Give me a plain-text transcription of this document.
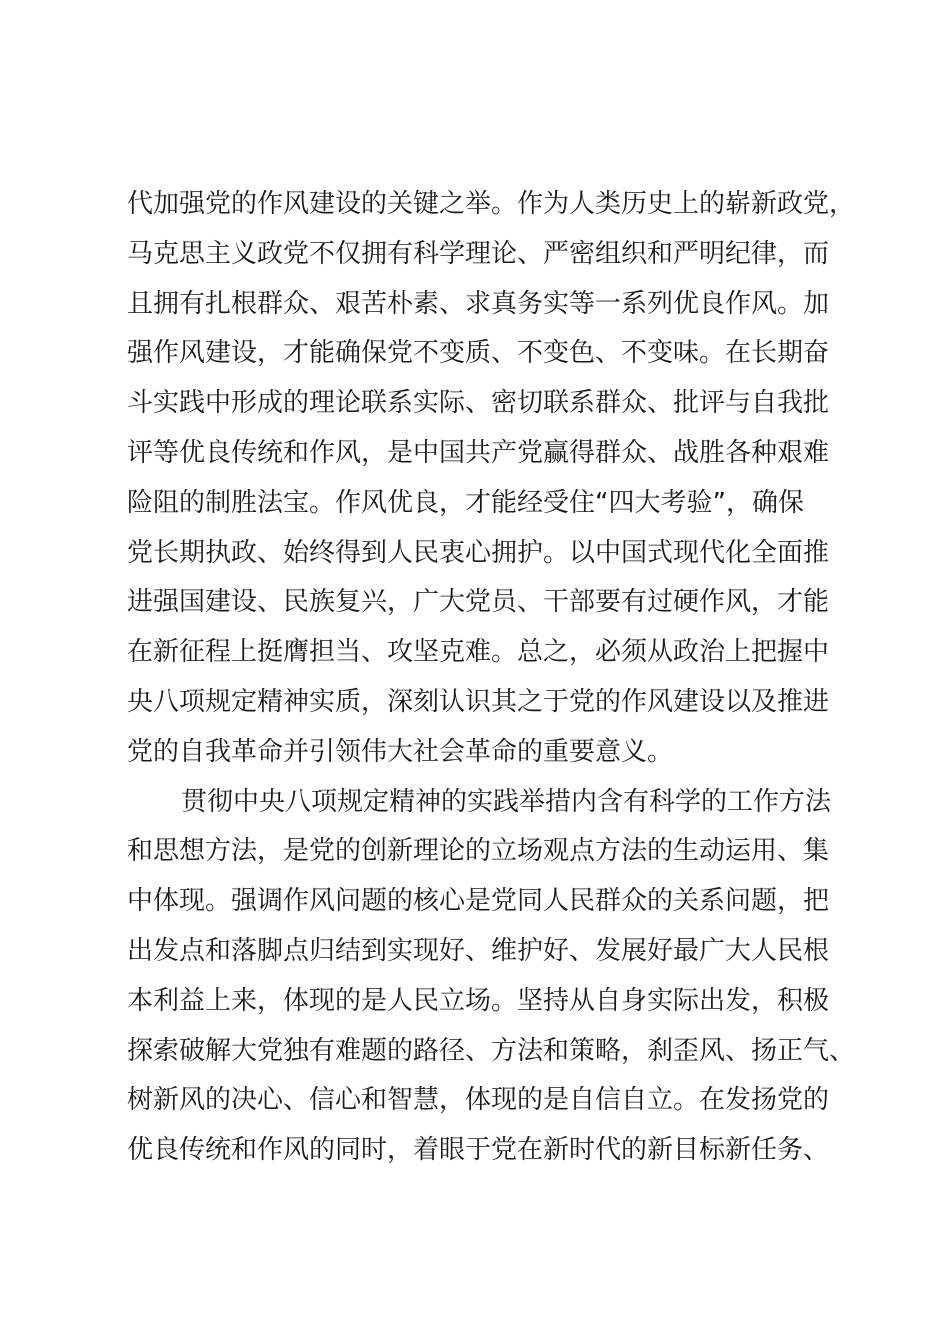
代加强党的作风建设的关键之举。作为人类历史上的崭新政党，
马克思主义政党不仅拥有科学理论、严密组织和严明纪律，而
且拥有扎根群众、艰苦朴素、求真务实等一系列优良作风。加
强作风建设，才能确保党不变质、不变色、不变味。在长期奋
斗实践中形成的理论联系实际、密切联系群众、批评与自我批
评等优良传统和作风，是中国共产党赢得群众、战胜各种艰难
险阻的制胜法宝。作风优良，才能经受住“四大考验”，确保
党长期执政、始终得到人民衷心拥护。以中国式现代化全面推
进强国建设、民族复兴，广大党员、干部要有过硬作风，才能
在新征程上挺膺担当、攻坚克难。总之，必须从政治上把握中
央八项规定精神实质，深刻认识其之于党的作风建设以及推进
党的自我革命并引领伟大社会革命的重要意义。
贯彻中央八项规定精神的实践举措内含有科学的工作方法
和思想方法，是党的创新理论的立场观点方法的生动运用、集
中体现。强调作风问题的核心是党同人民群众的关系问题，把
出发点和落脚点归结到实现好、维护好、发展好最广大人民根
本利益上来，体现的是人民立场。坚持从自身实际出发，积极
探索破解大党独有难题的路径、方法和策略，刹歪风、扬正气、
树新风的决心、信心和智慧，体现的是自信自立。在发扬党的
优良传统和作风的同时，着眼于党在新时代的新目标新任务、
